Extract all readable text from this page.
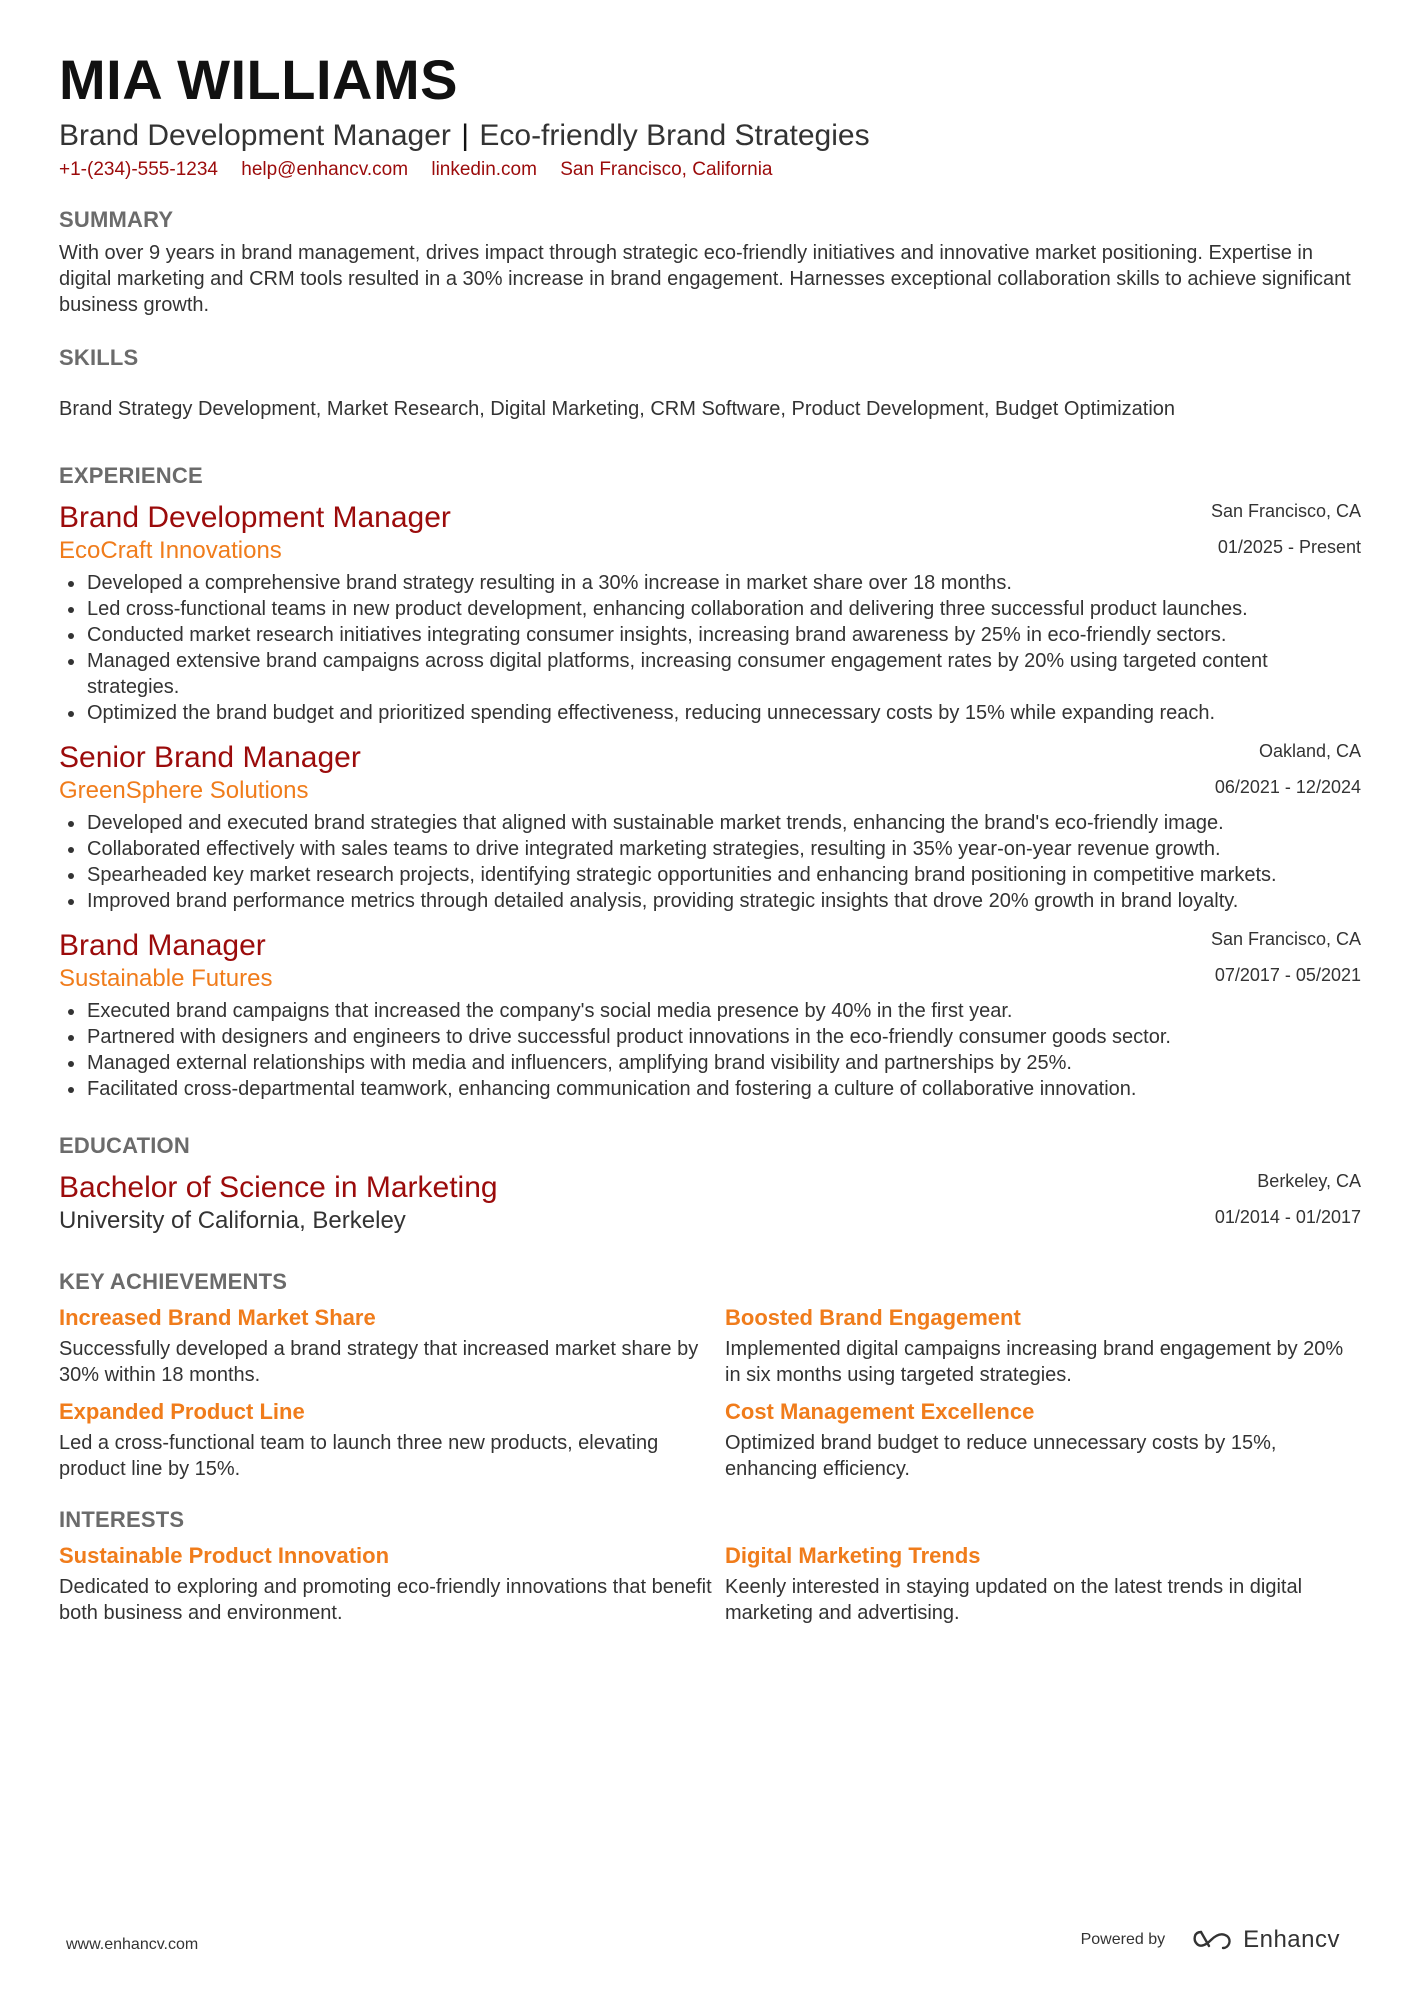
MIA WILLIAMS
Brand Development Manager | Eco-friendly Brand Strategies
+1-(234)-555-1234 help@enhancv.com linkedin.com San Francisco, California
SUMMARY
With over 9 years in brand management, drives impact through strategic eco-friendly initiatives and innovative market positioning. Expertise in digital marketing and CRM tools resulted in a 30% increase in brand engagement. Harnesses exceptional collaboration skills to achieve significant business growth.
SKILLS
Brand Strategy Development, Market Research, Digital Marketing, CRM Software, Product Development, Budget Optimization
EXPERIENCE
Brand Development Manager
EcoCraft Innovations
San Francisco, CA
01/2025 - Present
Developed a comprehensive brand strategy resulting in a 30% increase in market share over 18 months.
Led cross-functional teams in new product development, enhancing collaboration and delivering three successful product launches.
Conducted market research initiatives integrating consumer insights, increasing brand awareness by 25% in eco-friendly sectors.
Managed extensive brand campaigns across digital platforms, increasing consumer engagement rates by 20% using targeted content strategies.
Optimized the brand budget and prioritized spending effectiveness, reducing unnecessary costs by 15% while expanding reach.
Senior Brand Manager
GreenSphere Solutions
Oakland, CA
06/2021 - 12/2024
Developed and executed brand strategies that aligned with sustainable market trends, enhancing the brand's eco-friendly image.
Collaborated effectively with sales teams to drive integrated marketing strategies, resulting in 35% year-on-year revenue growth.
Spearheaded key market research projects, identifying strategic opportunities and enhancing brand positioning in competitive markets.
Improved brand performance metrics through detailed analysis, providing strategic insights that drove 20% growth in brand loyalty.
Brand Manager
Sustainable Futures
San Francisco, CA
07/2017 - 05/2021
Executed brand campaigns that increased the company's social media presence by 40% in the first year.
Partnered with designers and engineers to drive successful product innovations in the eco-friendly consumer goods sector.
Managed external relationships with media and influencers, amplifying brand visibility and partnerships by 25%.
Facilitated cross-departmental teamwork, enhancing communication and fostering a culture of collaborative innovation.
EDUCATION
Bachelor of Science in Marketing
University of California, Berkeley
Berkeley, CA
01/2014 - 01/2017
KEY ACHIEVEMENTS
Increased Brand Market Share
Successfully developed a brand strategy that increased market share by 30% within 18 months.
Boosted Brand Engagement
Implemented digital campaigns increasing brand engagement by 20% in six months using targeted strategies.
Expanded Product Line
Led a cross-functional team to launch three new products, elevating product line by 15%.
Cost Management Excellence
Optimized brand budget to reduce unnecessary costs by 15%, enhancing efficiency.
INTERESTS
Sustainable Product Innovation
Dedicated to exploring and promoting eco-friendly innovations that benefit both business and environment.
Digital Marketing Trends
Keenly interested in staying updated on the latest trends in digital marketing and advertising.
www.enhancv.com	Powered by	Enhancv
